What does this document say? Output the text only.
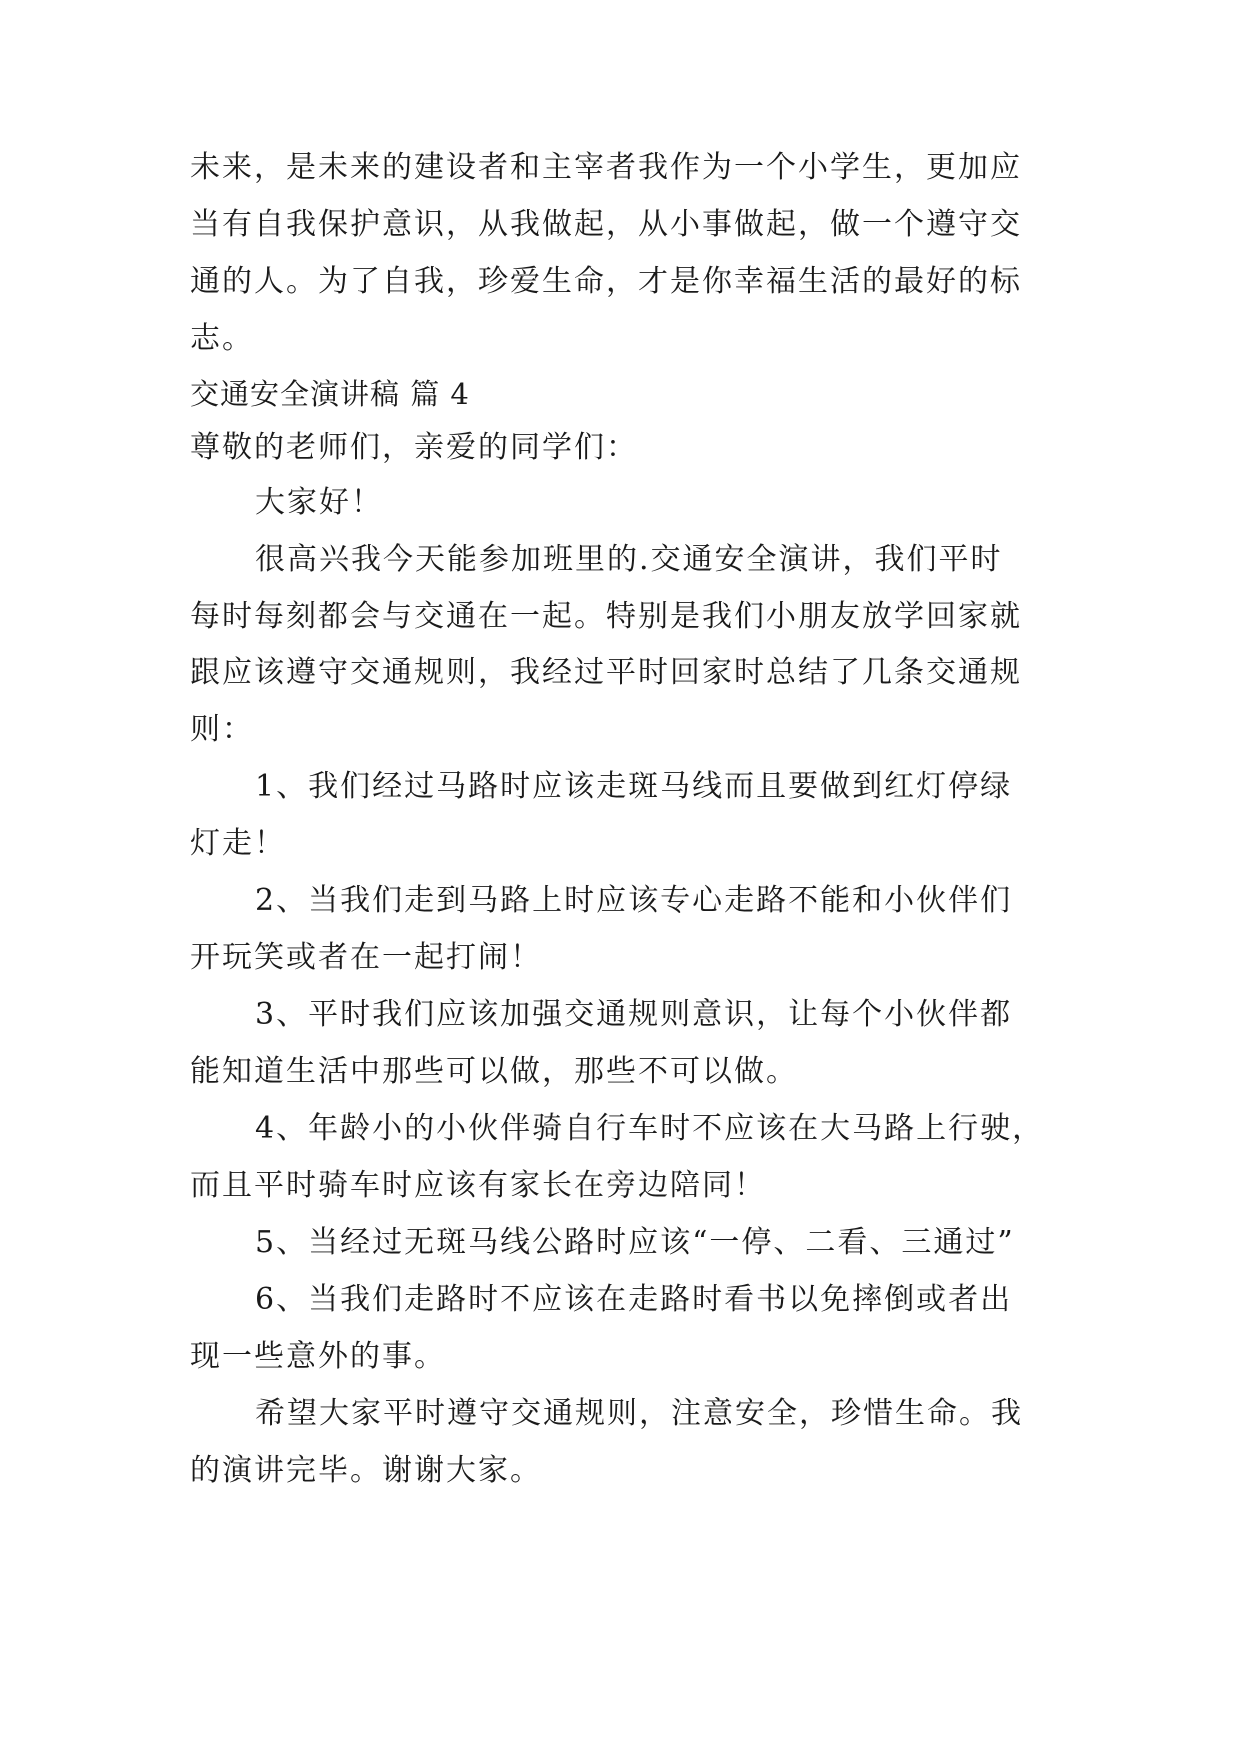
未来，是未来的建设者和主宰者我作为一个小学生，更加应
当有自我保护意识，从我做起，从小事做起，做一个遵守交
通的人。为了自我，珍爱生命，才是你幸福生活的最好的标
志。
交通安全演讲稿 篇 4
尊敬的老师们，亲爱的同学们：
大家好！
很高兴我今天能参加班里的.交通安全演讲，我们平时
每时每刻都会与交通在一起。特别是我们小朋友放学回家就
跟应该遵守交通规则，我经过平时回家时总结了几条交通规
则：
1、我们经过马路时应该走斑马线而且要做到红灯停绿
灯走！
2、当我们走到马路上时应该专心走路不能和小伙伴们
开玩笑或者在一起打闹！
3、平时我们应该加强交通规则意识，让每个小伙伴都
能知道生活中那些可以做，那些不可以做。
4、年龄小的小伙伴骑自行车时不应该在大马路上行驶，
而且平时骑车时应该有家长在旁边陪同！
5、当经过无斑马线公路时应该“一停、二看、三通过”
6、当我们走路时不应该在走路时看书以免摔倒或者出
现一些意外的事。
希望大家平时遵守交通规则，注意安全，珍惜生命。我
的演讲完毕。谢谢大家。
